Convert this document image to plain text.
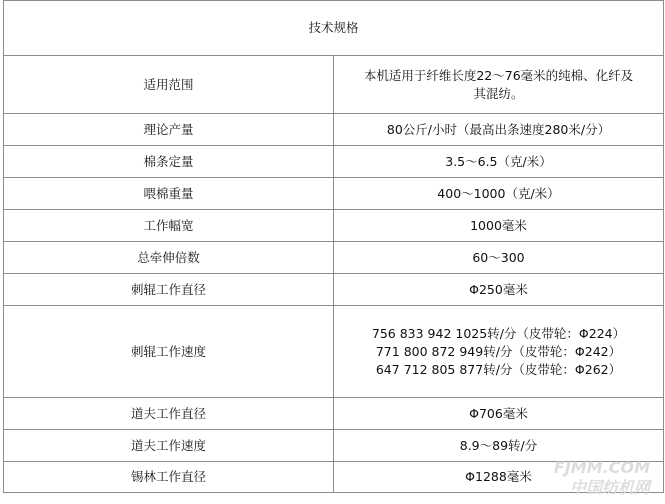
技术规格	
适用范围	本机适用于纤维长度22～76毫米的纯棉、化纤及
其混纺。

理论产量	80公斤/小时（最高出条速度280米/分）
棉条定量	3.5～6.5（克/米）
喂棉重量	400～1000（克/米）
工作幅宽	1000毫米
总牵伸倍数	60～300
刺辊工作直径	Φ250毫米
刺辊工作速度	756 833 942 1025转/分（皮带轮：Φ224）
771 800 872 949转/分（皮带轮：Φ242）
647 712 805 877转/分（皮带轮：Φ262）

道夫工作直径	Φ706毫米
道夫工作速度	8.9～89转/分
锡林工作直径	Φ1288毫米	FJMM.COM
中国纺机网
